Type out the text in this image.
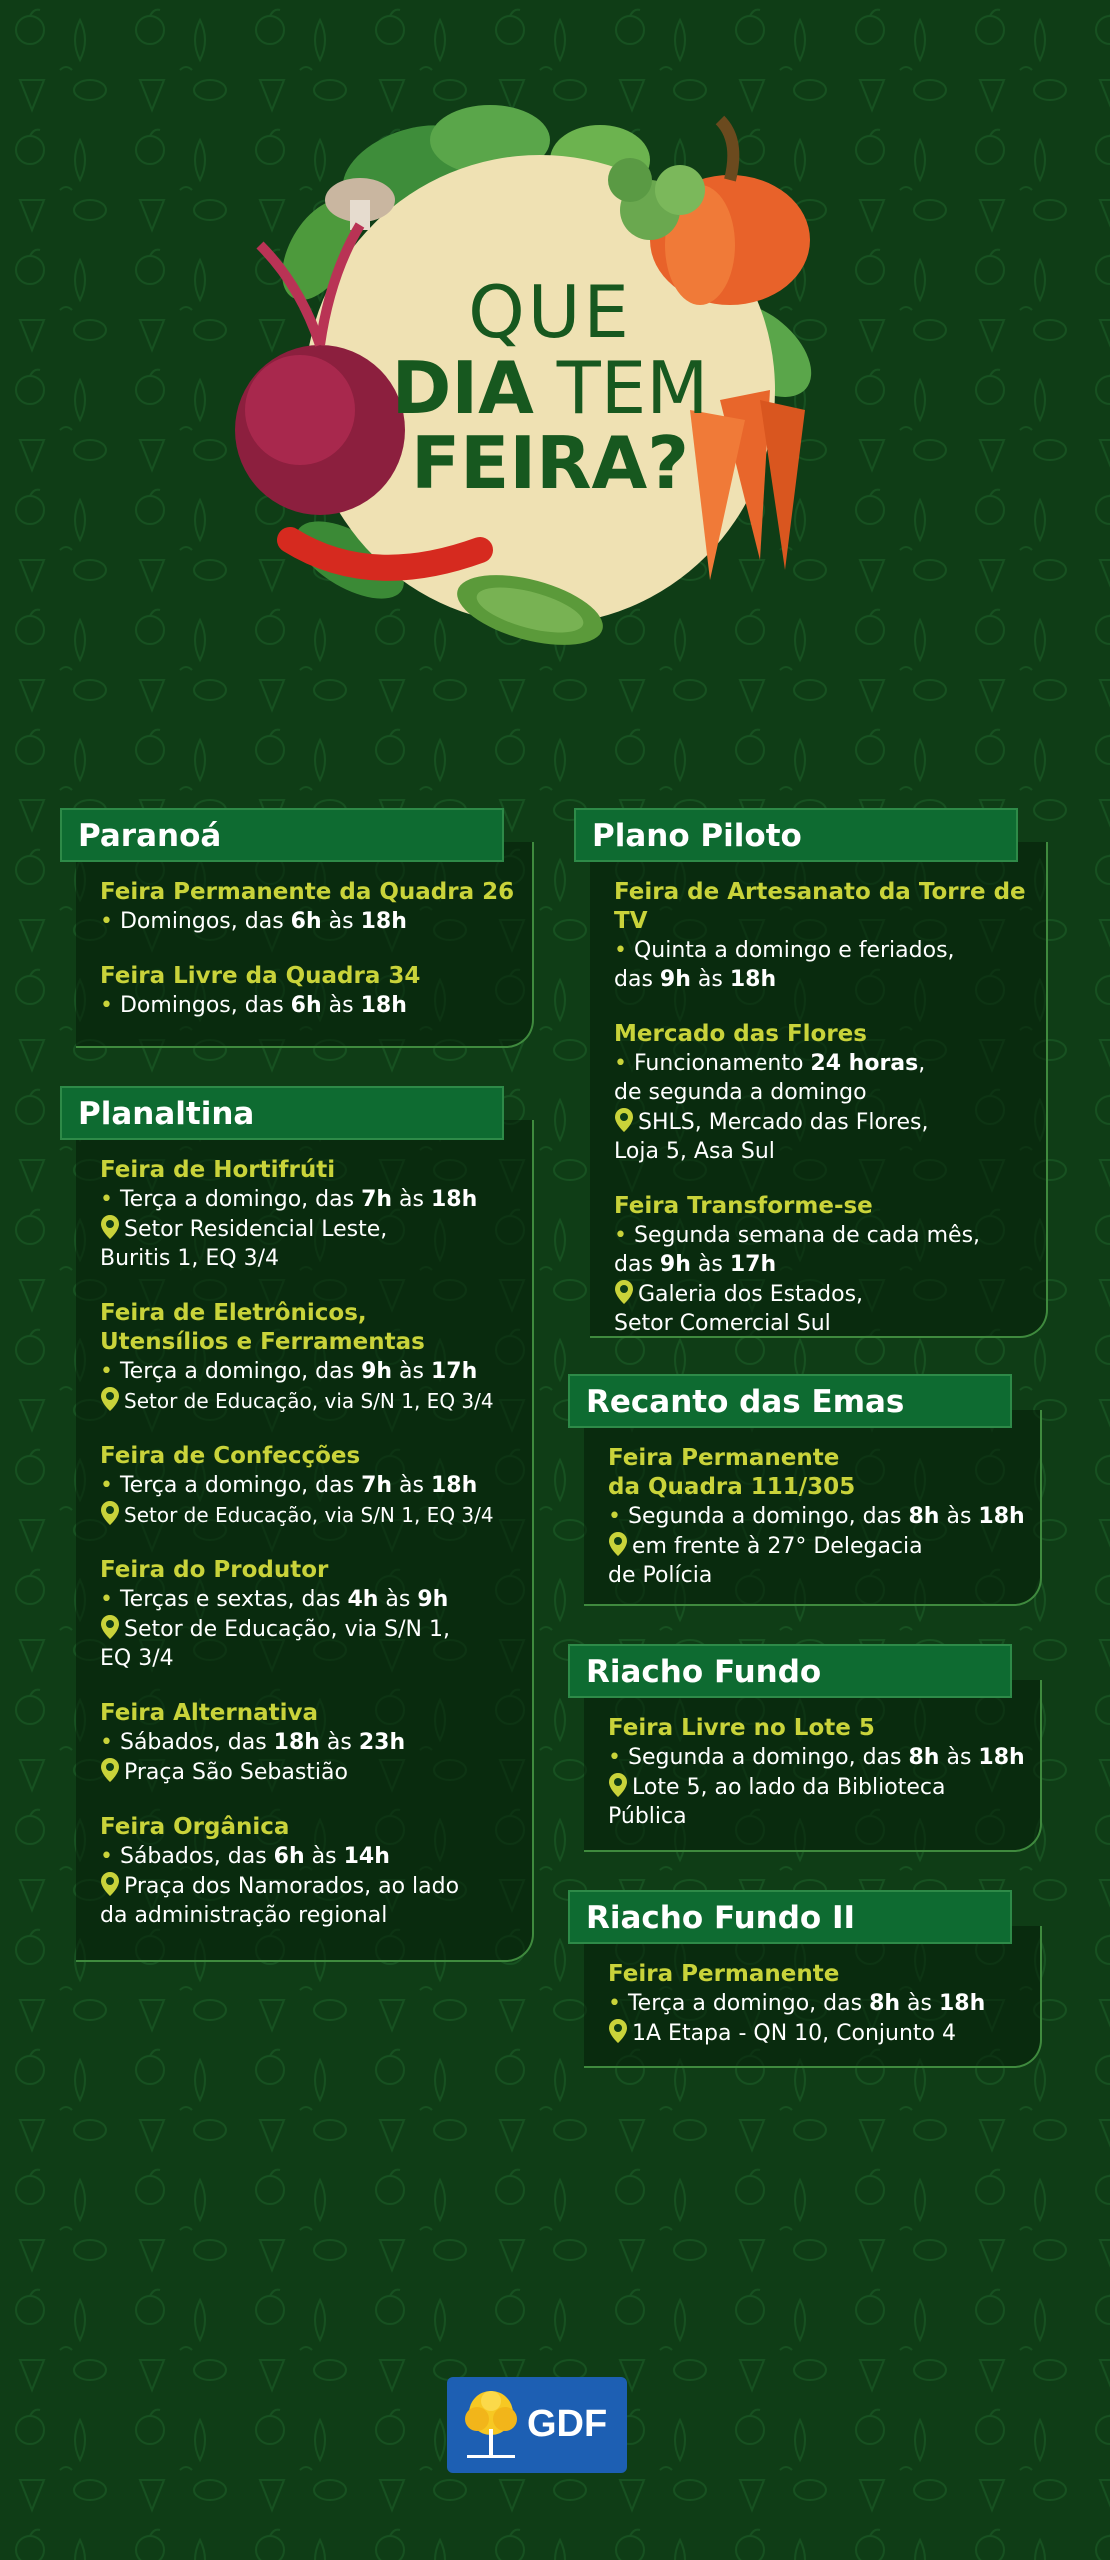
QUE
DIA TEM
FEIRA?
Paranoá
Feira Permanente da Quadra 26
• Domingos, das 6h às 18h
Feira Livre da Quadra 34
• Domingos, das 6h às 18h
Planaltina
Feira de Hortifrúti
• Terça a domingo, das 7h às 18h
Setor Residencial Leste,
Buritis 1, EQ 3/4
Feira de Eletrônicos,
Utensílios e Ferramentas
• Terça a domingo, das 9h às 17h
Setor de Educação, via S/N 1, EQ 3/4
Feira de Confecções
• Terça a domingo, das 7h às 18h
Setor de Educação, via S/N 1, EQ 3/4
Feira do Produtor
• Terças e sextas, das 4h às 9h
Setor de Educação, via S/N 1,
EQ 3/4
Feira Alternativa
• Sábados, das 18h às 23h
Praça São Sebastião
Feira Orgânica
• Sábados, das 6h às 14h
Praça dos Namorados, ao lado
da administração regional
Plano Piloto
Feira de Artesanato da Torre de TV
• Quinta a domingo e feriados,
das 9h às 18h
Mercado das Flores
• Funcionamento 24 horas,
de segunda a domingo
SHLS, Mercado das Flores,
Loja 5, Asa Sul
Feira Transforme-se
• Segunda semana de cada mês,
das 9h às 17h
Galeria dos Estados,
Setor Comercial Sul
Recanto das Emas
Feira Permanente
da Quadra 111/305
• Segunda a domingo, das 8h às 18h
em frente à 27° Delegacia
de Polícia
Riacho Fundo
Feira Livre no Lote 5
• Segunda a domingo, das 8h às 18h
Lote 5, ao lado da Biblioteca
Pública
Riacho Fundo II
Feira Permanente
• Terça a domingo, das 8h às 18h
1A Etapa - QN 10, Conjunto 4
GDF
